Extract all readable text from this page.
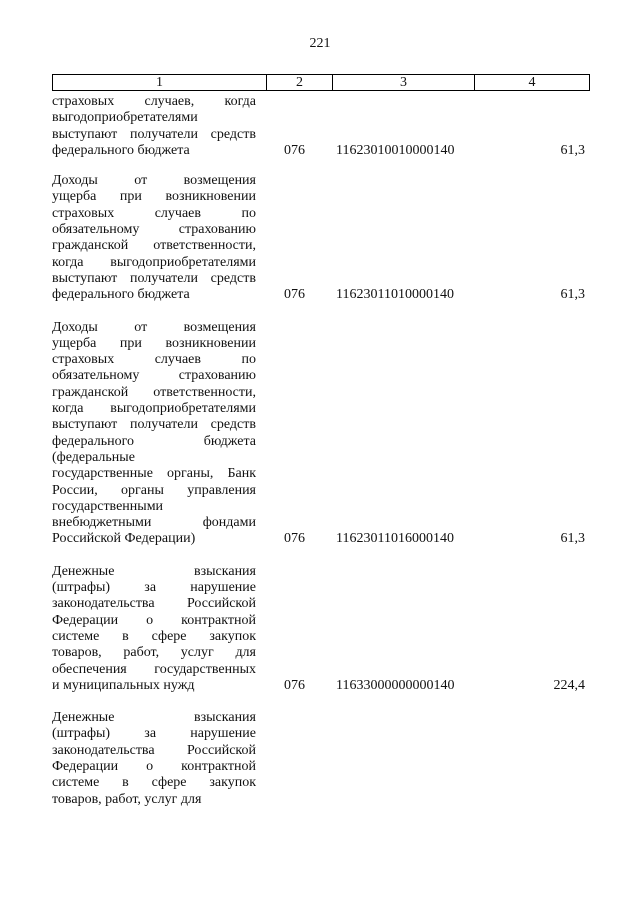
221
1	2	3	4
страховых случаев, когда
выгодоприобретателями
выступают получатели средств
федерального бюджета	076 11623010010000140	61,3
Доходы от возмещения
ущерба при возникновении
страховых случаев по
обязательному страхованию
гражданской ответственности,
когда выгодоприобретателями
выступают получатели средств
федерального бюджета	076 11623011010000140	61,3
Доходы от возмещения
ущерба при возникновении
страховых случаев по
обязательному страхованию
гражданской ответственности,
когда выгодоприобретателями
выступают получатели средств
федерального бюджета
(федеральные
государственные органы, Банк
России, органы управления
государственными
внебюджетными фондами
Российской Федерации)	076 11623011016000140	61,3
Денежные взыскания
(штрафы) за нарушение
законодательства Российской
Федерации о контрактной
системе в сфере закупок
товаров, работ, услуг для
обеспечения государственных
и муниципальных нужд	076 11633000000000140	224,4
Денежные взыскания
(штрафы) за нарушение
законодательства Российской
Федерации о контрактной
системе в сфере закупок
товаров, работ, услуг для
